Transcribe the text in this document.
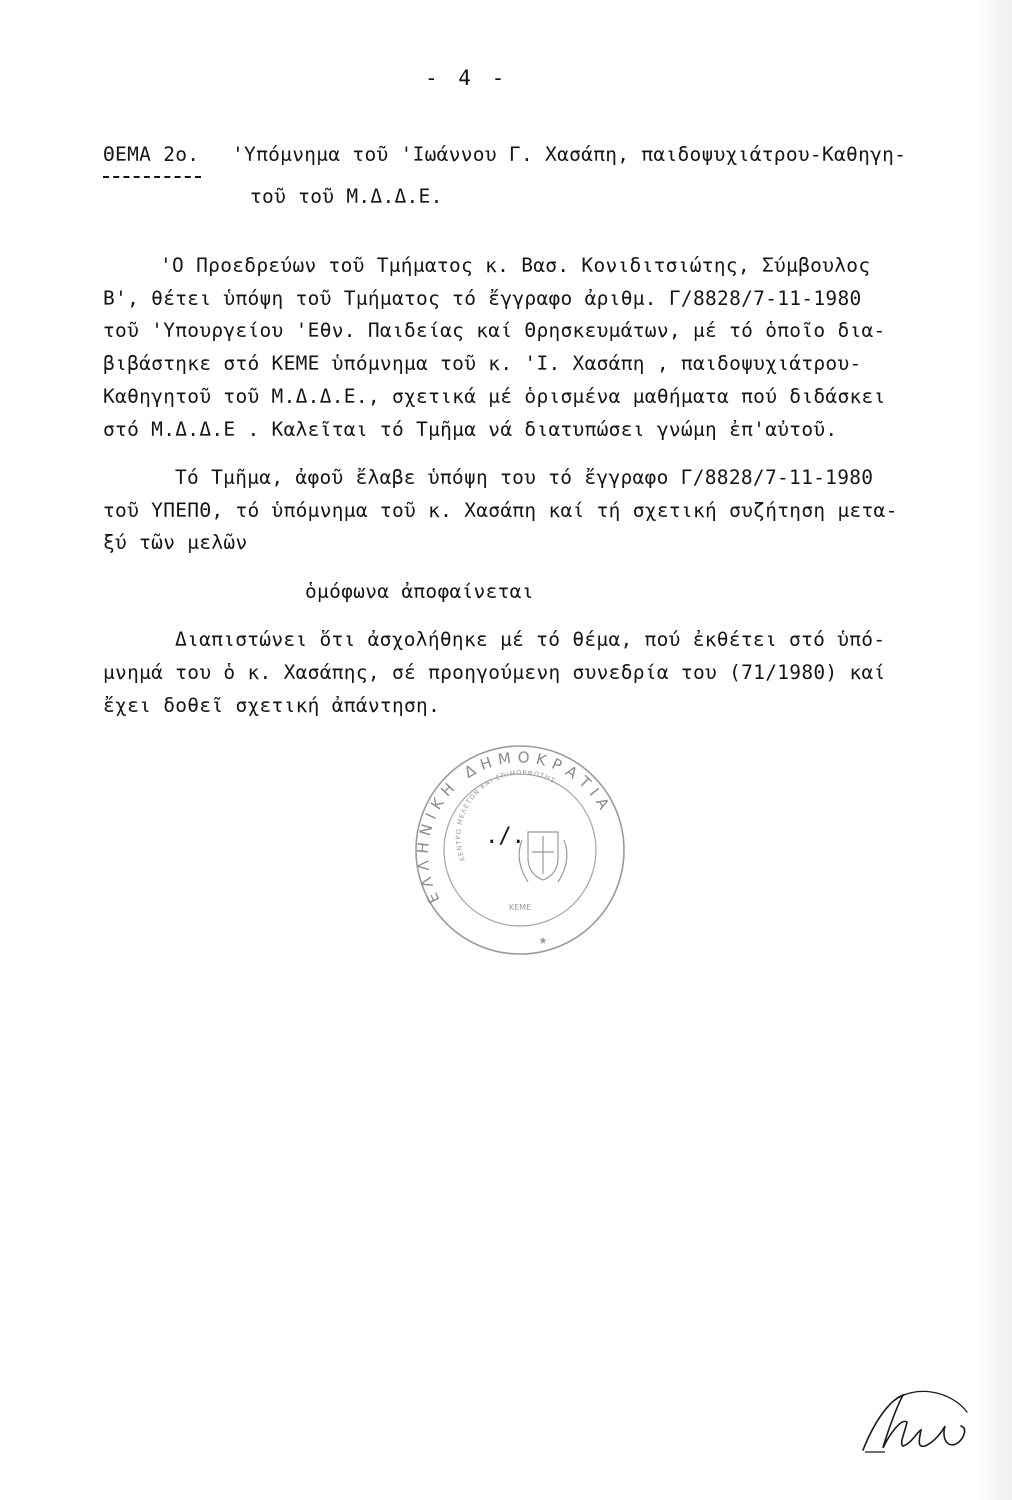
- 4 -
ΘΕΜΑ 2ο. 'Υπόμνημα τοῦ 'Ιωάννου Γ. Χασάπη, παιδοψυχιάτρου-Καθηγη-
τοῦ τοῦ Μ.Δ.Δ.Ε.
'Ο Προεδρεύων τοῦ Τμήματος κ. Βασ. Κονιδιτσιώτης, Σύμβουλος
Β', θέτει ὑπόψη τοῦ Τμήματος τό ἔγγραφο ἀριθμ. Γ/8828/7-11-1980
τοῦ 'Υπουργείου 'Εθν. Παιδείας καί Θρησκευμάτων, μέ τό ὁποῖο δια-
βιβάστηκε στό ΚΕΜΕ ὑπόμνημα τοῦ κ. 'Ι. Χασάπη , παιδοψυχιάτρου-
Καθηγητοῦ τοῦ Μ.Δ.Δ.Ε., σχετικά μέ ὁρισμένα μαθήματα πού διδάσκει
στό Μ.Δ.Δ.Ε . Καλεῖται τό Τμῆμα νά διατυπώσει γνώμη ἐπ'αὐτοῦ.
Τό Τμῆμα, ἀφοῦ ἔλαβε ὑπόψη του τό ἔγγραφο Γ/8828/7-11-1980
τοῦ ΥΠΕΠΘ, τό ὑπόμνημα τοῦ κ. Χασάπη καί τή σχετική συζήτηση μετα-
ξύ τῶν μελῶν
ὁμόφωνα ἀποφαίνεται
Διαπιστώνει ὅτι ἀσχολήθηκε μέ τό θέμα, πού ἐκθέτει στό ὑπό-
μνημά του ὁ κ. Χασάπης, σέ προηγούμενη συνεδρία του (71/1980) καί
ἔχει δοθεῖ σχετική ἀπάντηση.
ΕΛΛΗΝΙΚΗ ΔΗΜΟΚΡΑΤΙΑ
ΚΕΝΤΡΟ ΜΕΛΕΤΩΝ ΚΑΙ ΕΠΙΜΟΡΦΩΣΗΣ
ΚΕΜΕ
★
./.
